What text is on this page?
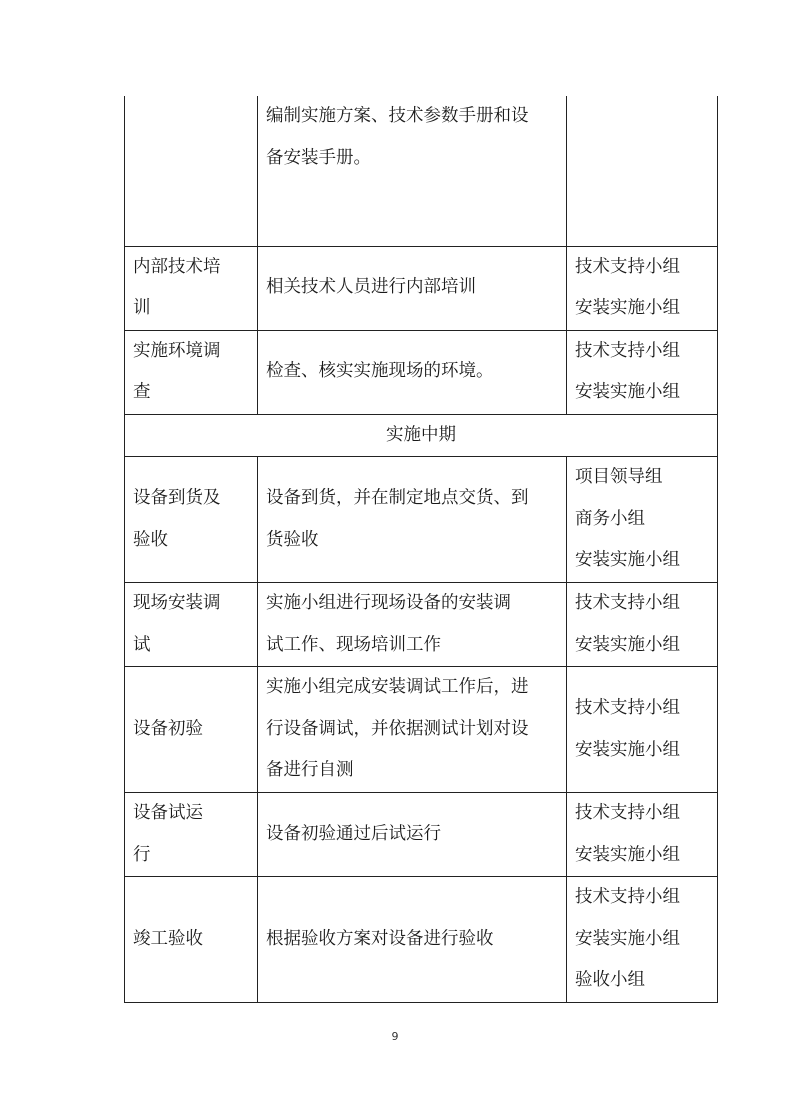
	编制实施方案、技术参数手册和设
备安装手册。	

内部技术培
训	相关技术人员进行内部培训	技术支持小组
安装实施小组

实施环境调
查	检查、核实实施现场的环境。	技术支持小组
安装实施小组

实施中期		

设备到货及
验收	设备到货，并在制定地点交货、到
货验收	项目领导组
商务小组
安装实施小组

现场安装调
试	实施小组进行现场设备的安装调
试工作、现场培训工作	技术支持小组
安装实施小组

设备初验	实施小组完成安装调试工作后，进
行设备调试，并依据测试计划对设
备进行自测	技术支持小组
安装实施小组

设备试运
行	设备初验通过后试运行	技术支持小组
安装实施小组

竣工验收	根据验收方案对设备进行验收	技术支持小组
安装实施小组
验收小组
9
